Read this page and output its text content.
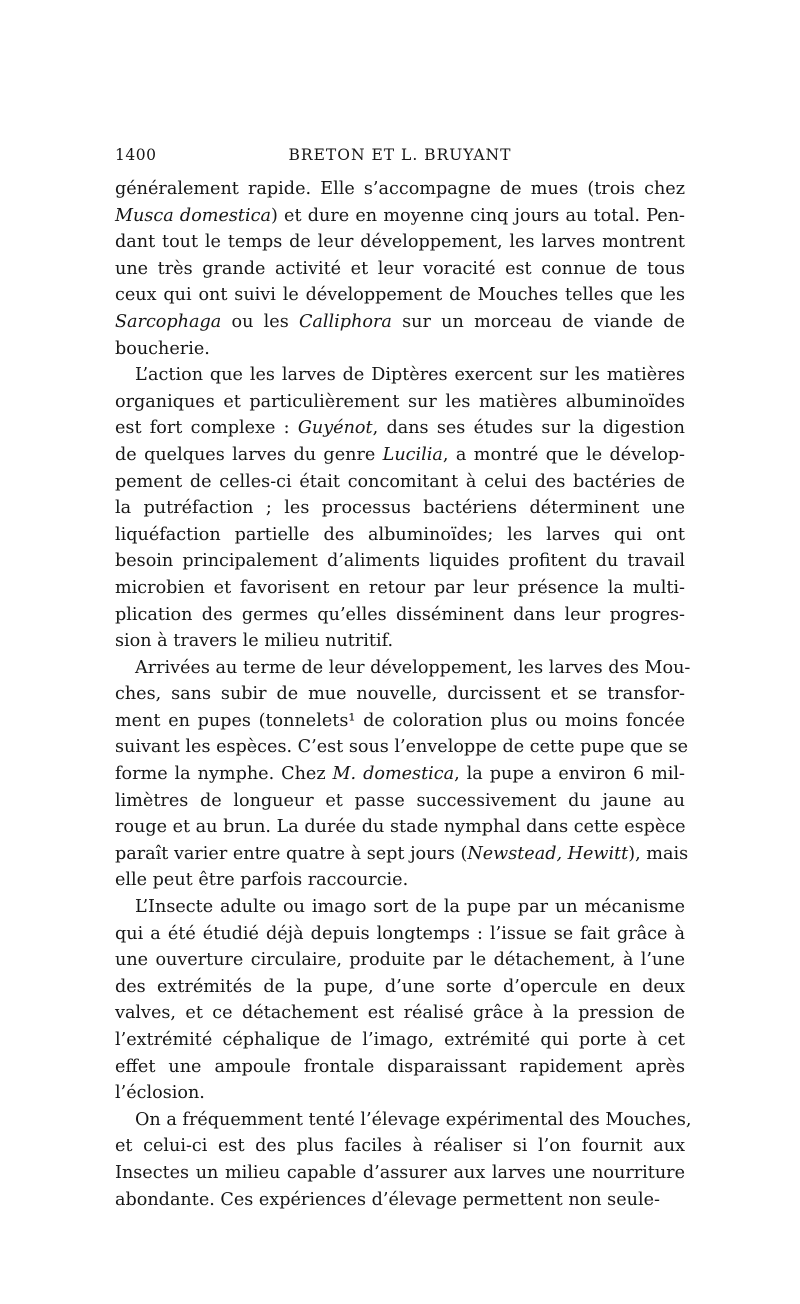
1400	BRETON ET L. BRUYANT
généralement rapide. Elle s’accompagne de mues (trois chez
Musca domestica) et dure en moyenne cinq jours au total. Pen-
dant tout le temps de leur développement, les larves montrent
une très grande activité et leur voracité est connue de tous
ceux qui ont suivi le développement de Mouches telles que les
Sarcophaga ou les Calliphora sur un morceau de viande de
boucherie.
L’action que les larves de Diptères exercent sur les matières
organiques et particulièrement sur les matières albuminoïdes
est fort complexe : Guyénot, dans ses études sur la digestion
de quelques larves du genre Lucilia, a montré que le dévelop-
pement de celles-ci était concomitant à celui des bactéries de
la putréfaction ; les processus bactériens déterminent une
liquéfaction partielle des albuminoïdes; les larves qui ont
besoin principalement d’aliments liquides profitent du travail
microbien et favorisent en retour par leur présence la multi-
plication des germes qu’elles disséminent dans leur progres-
sion à travers le milieu nutritif.
Arrivées au terme de leur développement, les larves des Mou-
ches, sans subir de mue nouvelle, durcissent et se transfor-
ment en pupes (tonnelets¹ de coloration plus ou moins foncée
suivant les espèces. C’est sous l’enveloppe de cette pupe que se
forme la nymphe. Chez M. domestica, la pupe a environ 6 mil-
limètres de longueur et passe successivement du jaune au
rouge et au brun. La durée du stade nymphal dans cette espèce
paraît varier entre quatre à sept jours (Newstead, Hewitt), mais
elle peut être parfois raccourcie.
L’Insecte adulte ou imago sort de la pupe par un mécanisme
qui a été étudié déjà depuis longtemps : l’issue se fait grâce à
une ouverture circulaire, produite par le détachement, à l’une
des extrémités de la pupe, d’une sorte d’opercule en deux
valves, et ce détachement est réalisé grâce à la pression de
l’extrémité céphalique de l’imago, extrémité qui porte à cet
effet une ampoule frontale disparaissant rapidement après
l’éclosion.
On a fréquemment tenté l’élevage expérimental des Mouches,
et celui-ci est des plus faciles à réaliser si l’on fournit aux
Insectes un milieu capable d’assurer aux larves une nourriture
abondante. Ces expériences d’élevage permettent non seule-
